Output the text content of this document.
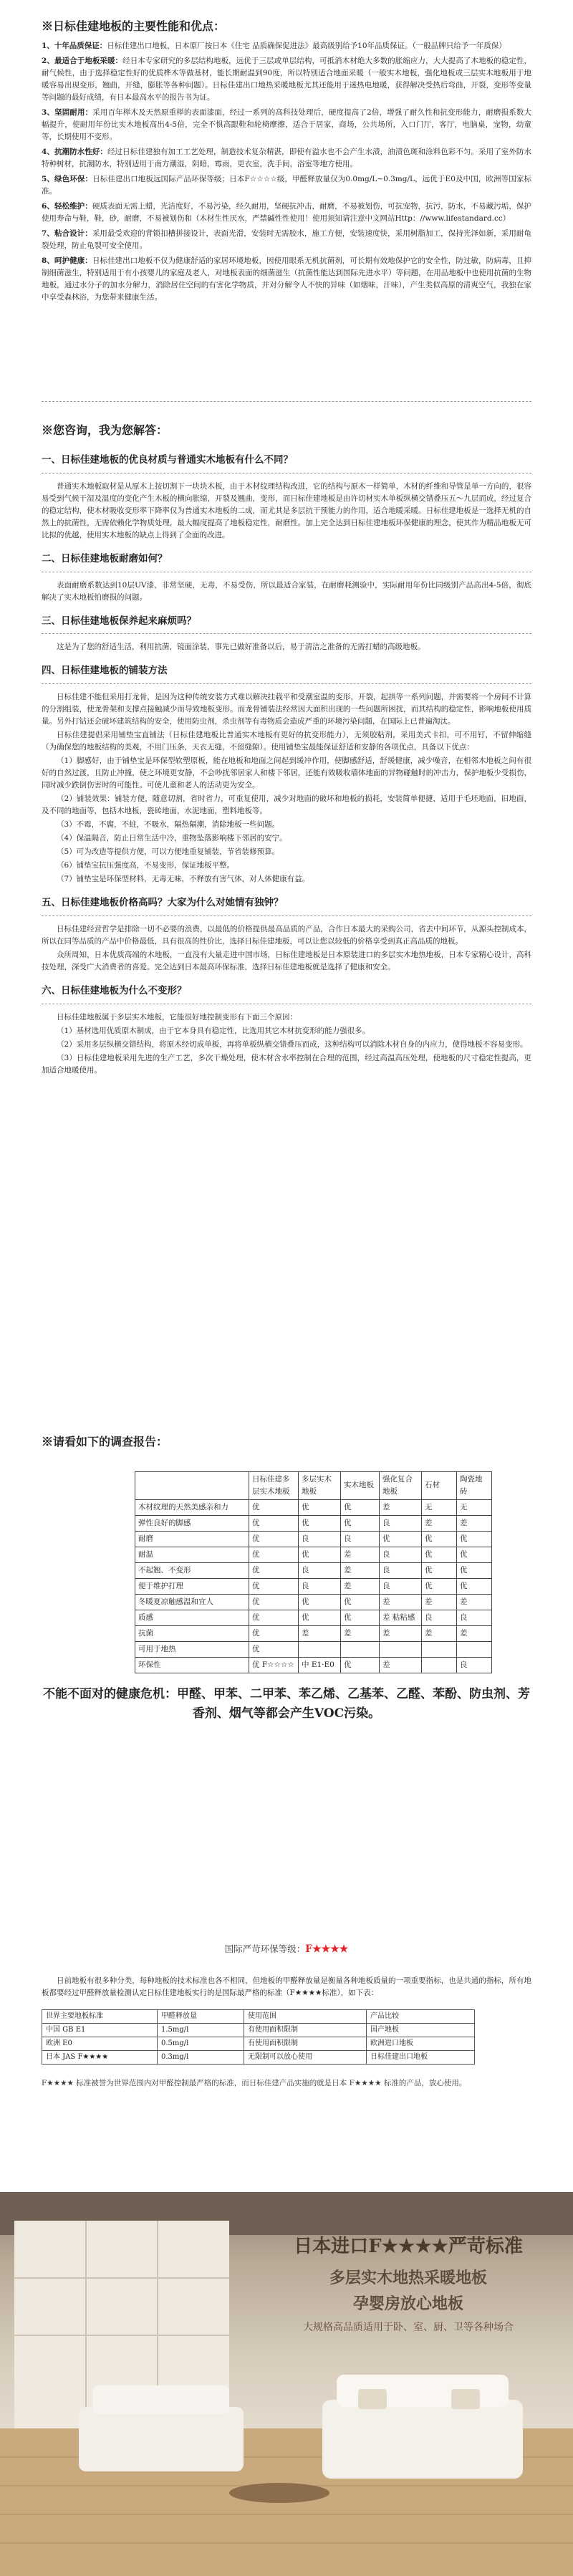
※日标佳建地板的主要性能和优点：
1、十年品质保证：日标佳建出口地板，日本原厂按日本《住宅 品质确保促进法》最高级别给予10年品质保证。（一般品牌只给予一年质保）
2、最适合于地板采暖：经日本专家研究的多层结构地板，远优于三层或单层结构，可抵消木材绝大多数的胀缩应力，大大提高了木地板的稳定性，耐气候性，由于选择稳定性好的优质桦木等做基材，能长期耐温到90度，所以特别适合地面采暖（一般实木地板，强化地板或三层实木地板用于地暖容易出现变形，翘曲，开缝，膨胀等各种问题）。日标佳建出口地热采暖地板尤其还能用于迷热电地暖，获得解决受热后弯曲，开裂，变形等变量等问题的最好成绩，有日本最高水平的报告书为证。
3、坚固耐用：采用百年榉木及天然原重榉的表面漆面，经过一系列的高科技处理后，硬度提高了2倍，增强了耐久性和抗变形能力，耐磨损系数大幅提升，使耐用年份比实木地板高出4-5倍，完全不惧高跟鞋和轮椅摩擦，适合于居家，商场，公共场所，入口门厅，客厅，电脑桌，宠物，幼童等，长期使用不变形。
4、抗潮防水性好：经过日标佳建独有加工工艺处理，制造技术复杂精湛，即使有溢水也不会产生水渍，油渍色斑和涂料色彩不匀。采用了室外防水特种树材，抗潮防水，特别适用于南方潮湿，阴暗，霉雨，更衣室，洗手间，浴室等地方使用。
5、绿色环保：日标佳建出口地板远国际产品环保等级；日本F☆☆☆☆级，甲醛释放量仅为0.0mg/L~0.3mg/L，远优于E0及中国，欧洲等国家标准。
6、轻松维护：硬质表面无需上蜡，光洁度好，不易污染，经久耐用，坚硬抗冲击，耐磨，不易被划伤，可抗宠物，抗污，防水，不易藏污垢，保护使用寿命与鞋，鞋，砂，耐磨，不易被划伤和（木材生性厌水，严禁碱性性使用！使用须知请注意中文网站Http：//www.lifestandard.cc）
7、粘合设计：采用最受欢迎的背锁扣槽拼接设计，表面光滑，安装时无需胶水，施工方便，安装速度快，采用树脂加工，保持光泽如新，采用耐龟裂处理，防止龟裂可安全使用。
8、呵护健康：日标佳建出口地板不仅为健康舒适的家居环境地板，因使用眼系无机抗菌剂，可长期有效地保护它的安全性，防过敏，防病毒，且抑制细菌滋生，特别适用于有小孩婴儿的家庭及老人，对地板表面的细菌滋生（抗菌性能达到国际先进水平）等问题，在用品地板中也使用抗菌的生物地板，通过水分子的加水分解力，消除居住空间的有害化学物质，并对分解令人不快的异味（如烟味，汗味），产生类似高原的清爽空气，我独在家中享受森林浴，为您带来健康生活。
※您咨询，我为您解答：
一、日标佳建地板的优良材质与普通实木地板有什么不同？
普通实木地板取材是从原木上按切割下一块块木板，由于木材纹理结构改进，它的结构与原木一样简单，木材的纤维和导管是单一方向的，很容易受到气候干湿及温度的变化产生木板的横向胀缩，开裂及翘曲，变形，而日标佳建地板是由许切材实木单板纵横交错叠压五～九层而成，经过复合的稳定结构，使木材吸收变形率下降率仅为普通实木地板的二成，而尤其是多层抗干预能力的作用，适合地暖采暖。日标佳建地板是一选择无机的自然上的抗菌性，无需依赖化学物质处理，最大幅度提高了地板稳定性，耐磨性。加上完全达到日标佳建地板环保健康的理念，使其作为精品地板无可比拟的优越，使用实木地板的缺点上得到了全面的改进。
二、日标佳建地板耐磨如何？
表面耐磨系数达到10层UV漆，非常坚硬，无毒，不易受伤，所以最适合家装，在耐磨耗测验中，实际耐用年份比同级别产品高出4-5倍，彻底解决了实木地板怕磨损的问题。
三、日标佳建地板保养起来麻烦吗？
这是为了您的舒适生活，利用抗菌，镜面涂装，事先已做好准备以后，易于清洁之准备的无需打蜡的高级地板。
四、日标佳建地板的铺装方法
日标佳建不能但采用打龙骨，是因为这种传统安装方式难以解决挂载平和受潮室温的变形，开裂，起拱等一系列问题，并需要将一个房间不计算的分割组装，使龙骨架和支撑点接触减少而导致地板变形。而龙骨铺装法经常因大面积出现的一些问题所困扰，而其结构的稳定性，影响地板使用质量。另外打钻还会破坏建筑结构的安全，使用防虫剂，杀虫剂等有毒物质会造成严重的环境污染问题，在国际上已普遍淘汰。
日标佳建提倡采用铺垫宝直铺法（日标佳建地板比普通实木地板有更好的抗变形能力），无须胶粘剂，采用美式卡扣，可不用钉，不留伸缩缝（为确保您的地板结构的美观，不用门压条，天衣无缝，不留缝隙）。使用铺垫宝最能保证舒适和安静的各项优点，具备以下优点：
（1）脚感好，由于铺垫宝是环保型软塑原板，能在地板和地面之间起到缓冲作用，使脚感舒适，舒缓健康，减少噪音，在相邻木地板之间有很好的自然过渡，且防止冲撞，使之环境更安静，不会吵扰邻居家人和楼下邻居，还能有效吸收墙体地面的异物碰触时的冲击力，保护地板少受损伤，同时减少跌倒伤害时的可能性。可使儿童和老人的活动更为安全。
（2）铺装效果：铺装方便，随意切割，省时省力，可重复使用，减少对地面的破坏和地板的损耗，安装简单便捷，适用于毛坯地面，旧地面，及不同的地面等，包括木地板，瓷砖地面，水泥地面，塑料地板等。
（3）不霉，不腐，不蛀，不吸水，隔热隔潮，消除地板一些问题。
（4）保温隔音，防止日常生活中冷，重物坠落影响楼下邻居的安宁。
（5）可为改造等提供方便，可以方便地重复铺装，节省装修预算。
（6）铺垫宝抗压强度高，不易变形，保证地板平整。
（7）铺垫宝是环保型材料，无毒无味，不释放有害气体，对人体健康有益。
五、日标佳建地板价格高吗？大家为什么对她情有独钟？
日标佳建经营哲学是排除一切不必要的浪费，以最低的价格提供最高品质的产品，合作日本最大的采购公司，省去中间环节，从源头控制成本，所以在同等品质的产品中价格最低，具有很高的性价比，选择日标佳建地板，可以让您以较低的价格享受到真正高品质的地板。
众所周知，日本优质高端的木地板，一直没有大量走进中国市场，日标佳建地板是日本原装进口的多层实木地热地板，日本专家精心设计，高科技处理，深受广大消费者的喜爱。完全达到日本最高环保标准，选择日标佳建地板就是选择了健康和安全。
六、日标佳建地板为什么不变形？
日标佳建地板属于多层实木地板，它能很好地控制变形有下面三个原因：
（1）基材选用优质原木制成，由于它本身具有稳定性，比选用其它木材抗变形的能力强很多。
（2）采用多层纵横交错结构，将原木经切成单板，再将单板纵横交错叠压而成，这种结构可以消除木材自身的内应力，使得地板不容易变形。
（3）日标佳建地板采用先进的生产工艺，多次干燥处理，使木材含水率控制在合理的范围，经过高温高压处理，使地板的尺寸稳定性提高，更加适合地暖使用。
※请看如下的调查报告：
	日标佳建多层实木地板	多层实木地板	实木地板	强化复合地板	石材	陶瓷地砖
木材纹理的天然美感亲和力	优	优	优	差	无	无
弹性良好的脚感	优	优	优	良	差	差
耐磨	优	良	良	优	优	优
耐温	优	优	差	良	优	优
不起翘、不变形	优	良	差	良	优	优
便于维护打理	优	良	差	良	优	优
冬暖夏凉触感温和宜人	优	优	优	差	差	差
质感	优	优	优	差 粘粘感	良	良
抗菌	优	差	差	差	差	差
可用于地热	优					
环保性	优 F☆☆☆☆	中 E1·E0	优	差		良
不能不面对的健康危机：甲醛、甲苯、二甲苯、苯乙烯、乙基苯、乙醛、苯酚、防虫剂、芳香剂、烟气等都会产生VOC污染。
国际严苛环保等级：F★★★★
日前地板有很多种分类，每种地板的技术标准也各不相同，但地板的甲醛释放量是衡量各种地板质量的一项重要指标，也是共通的指标，所有地板都要经过甲醛释放量检测认定日标佳建地板实行的是国际最严格的标准（F★★★★标准），如下表：
世界主要地板标准	甲醛释放量	使用范围	产品比较
中国 GB E1	1.5mg/l	有使用面积限制	国产地板
欧洲 E0	0.5mg/l	有使用面积限制	欧洲进口地板
日本 JAS F★★★★	0.3mg/l	无限制可以放心使用	日标佳建出口地板
F★★★★ 标准被誉为世界范围内对甲醛控制最严格的标准，而日标佳建产品实施的就是日本 F★★★★ 标准的产品，放心使用。
日本进口F★★★★严苛标准
多层实木地热采暖地板
孕婴房放心地板
大规格高品质适用于卧、室、厨、卫等各种场合
